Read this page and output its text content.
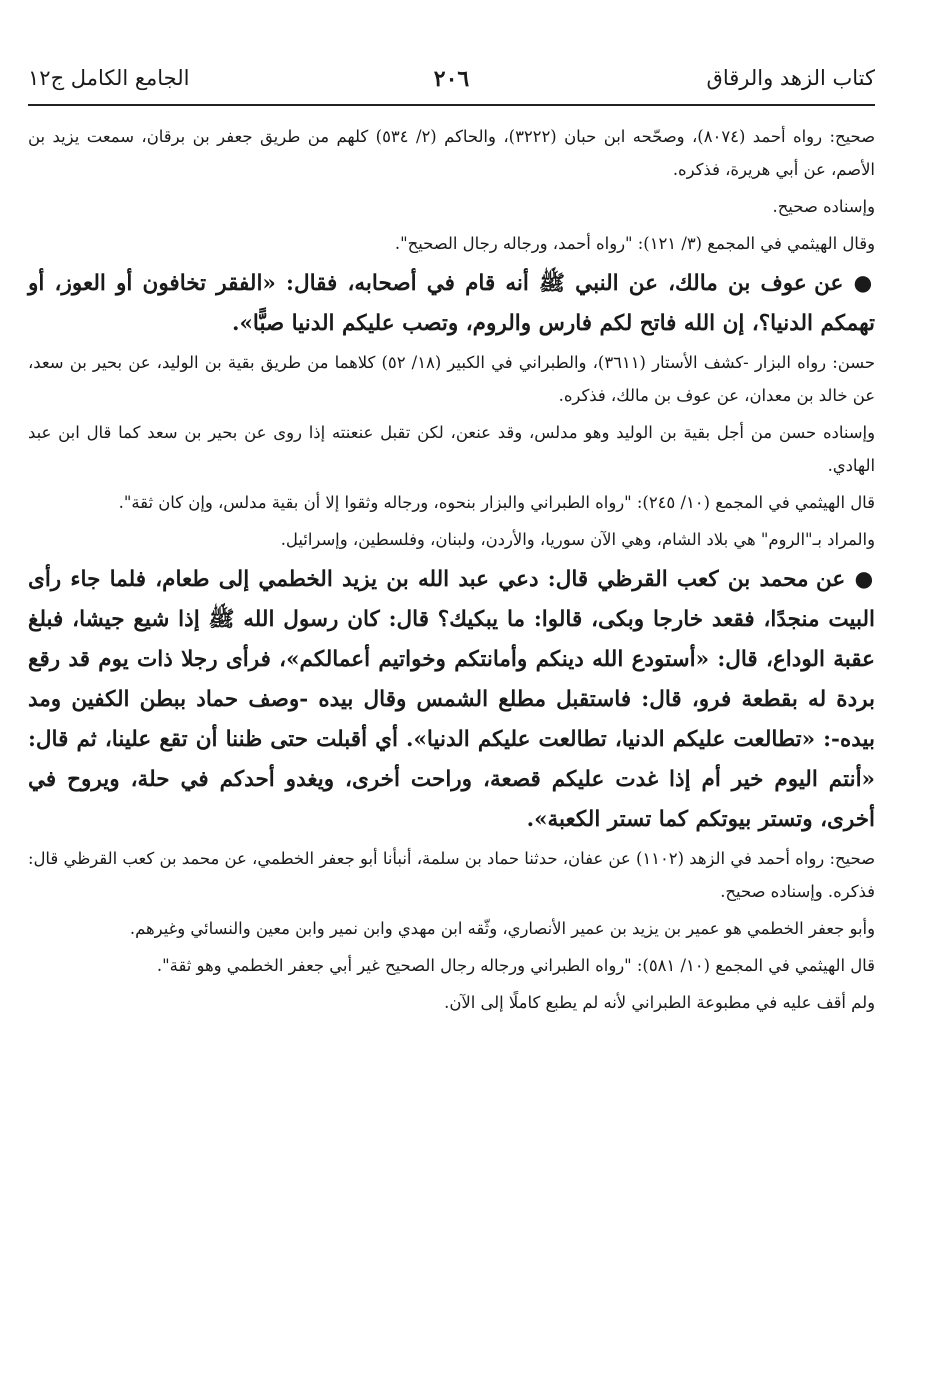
كتاب الزهد والرقاق
٢٠٦
الجامع الكامل ج١٢

صحيح: رواه أحمد (٨٠٧٤)، وصحّحه ابن حبان (٣٢٢٢)، والحاكم (٢/ ٥٣٤) كلهم من طريق جعفر بن برقان، سمعت يزيد بن الأصم، عن أبي هريرة، فذكره.

وإسناده صحيح.

وقال الهيثمي في المجمع (٣/ ١٢١): "رواه أحمد، ورجاله رجال الصحيح".

● عن عوف بن مالك، عن النبي ﷺ أنه قام في أصحابه، فقال: «الفقر تخافون أو العوز، أو تهمكم الدنيا؟، إن الله فاتح لكم فارس والروم، وتصب عليكم الدنيا صبًّا».

حسن: رواه البزار -كشف الأستار (٣٦١١)، والطبراني في الكبير (١٨/ ٥٢) كلاهما من طريق بقية بن الوليد، عن بحير بن سعد، عن خالد بن معدان، عن عوف بن مالك، فذكره.

وإسناده حسن من أجل بقية بن الوليد وهو مدلس، وقد عنعن، لكن تقبل عنعنته إذا روى عن بحير بن سعد كما قال ابن عبد الهادي.

قال الهيثمي في المجمع (١٠/ ٢٤٥): "رواه الطبراني والبزار بنحوه، ورجاله وثقوا إلا أن بقية مدلس، وإن كان ثقة".

والمراد بـ"الروم" هي بلاد الشام، وهي الآن سوريا، والأردن، ولبنان، وفلسطين، وإسرائيل.

● عن محمد بن كعب القرظي قال: دعي عبد الله بن يزيد الخطمي إلى طعام، فلما جاء رأى البيت منجدًا، فقعد خارجا وبكى، قالوا: ما يبكيك؟ قال: كان رسول الله ﷺ إذا شيع جيشا، فبلغ عقبة الوداع، قال: «أستودع الله دينكم وأمانتكم وخواتيم أعمالكم»، فرأى رجلا ذات يوم قد رقع بردة له بقطعة فرو، قال: فاستقبل مطلع الشمس وقال بيده -وصف حماد ببطن الكفين ومد بيده-: «تطالعت عليكم الدنيا، تطالعت عليكم الدنيا». أي أقبلت حتى ظننا أن تقع علينا، ثم قال: «أنتم اليوم خير أم إذا غدت عليكم قصعة، وراحت أخرى، ويغدو أحدكم في حلة، ويروح في أخرى، وتستر بيوتكم كما تستر الكعبة».

صحيح: رواه أحمد في الزهد (١١٠٢) عن عفان، حدثنا حماد بن سلمة، أنبأنا أبو جعفر الخطمي، عن محمد بن كعب القرظي قال: فذكره. وإسناده صحيح.

وأبو جعفر الخطمي هو عمير بن يزيد بن عمير الأنصاري، وثّقه ابن مهدي وابن نمير وابن معين والنسائي وغيرهم.

قال الهيثمي في المجمع (١٠/ ٥٨١): "رواه الطبراني ورجاله رجال الصحيح غير أبي جعفر الخطمي وهو ثقة".

ولم أقف عليه في مطبوعة الطبراني لأنه لم يطبع كاملًا إلى الآن.
